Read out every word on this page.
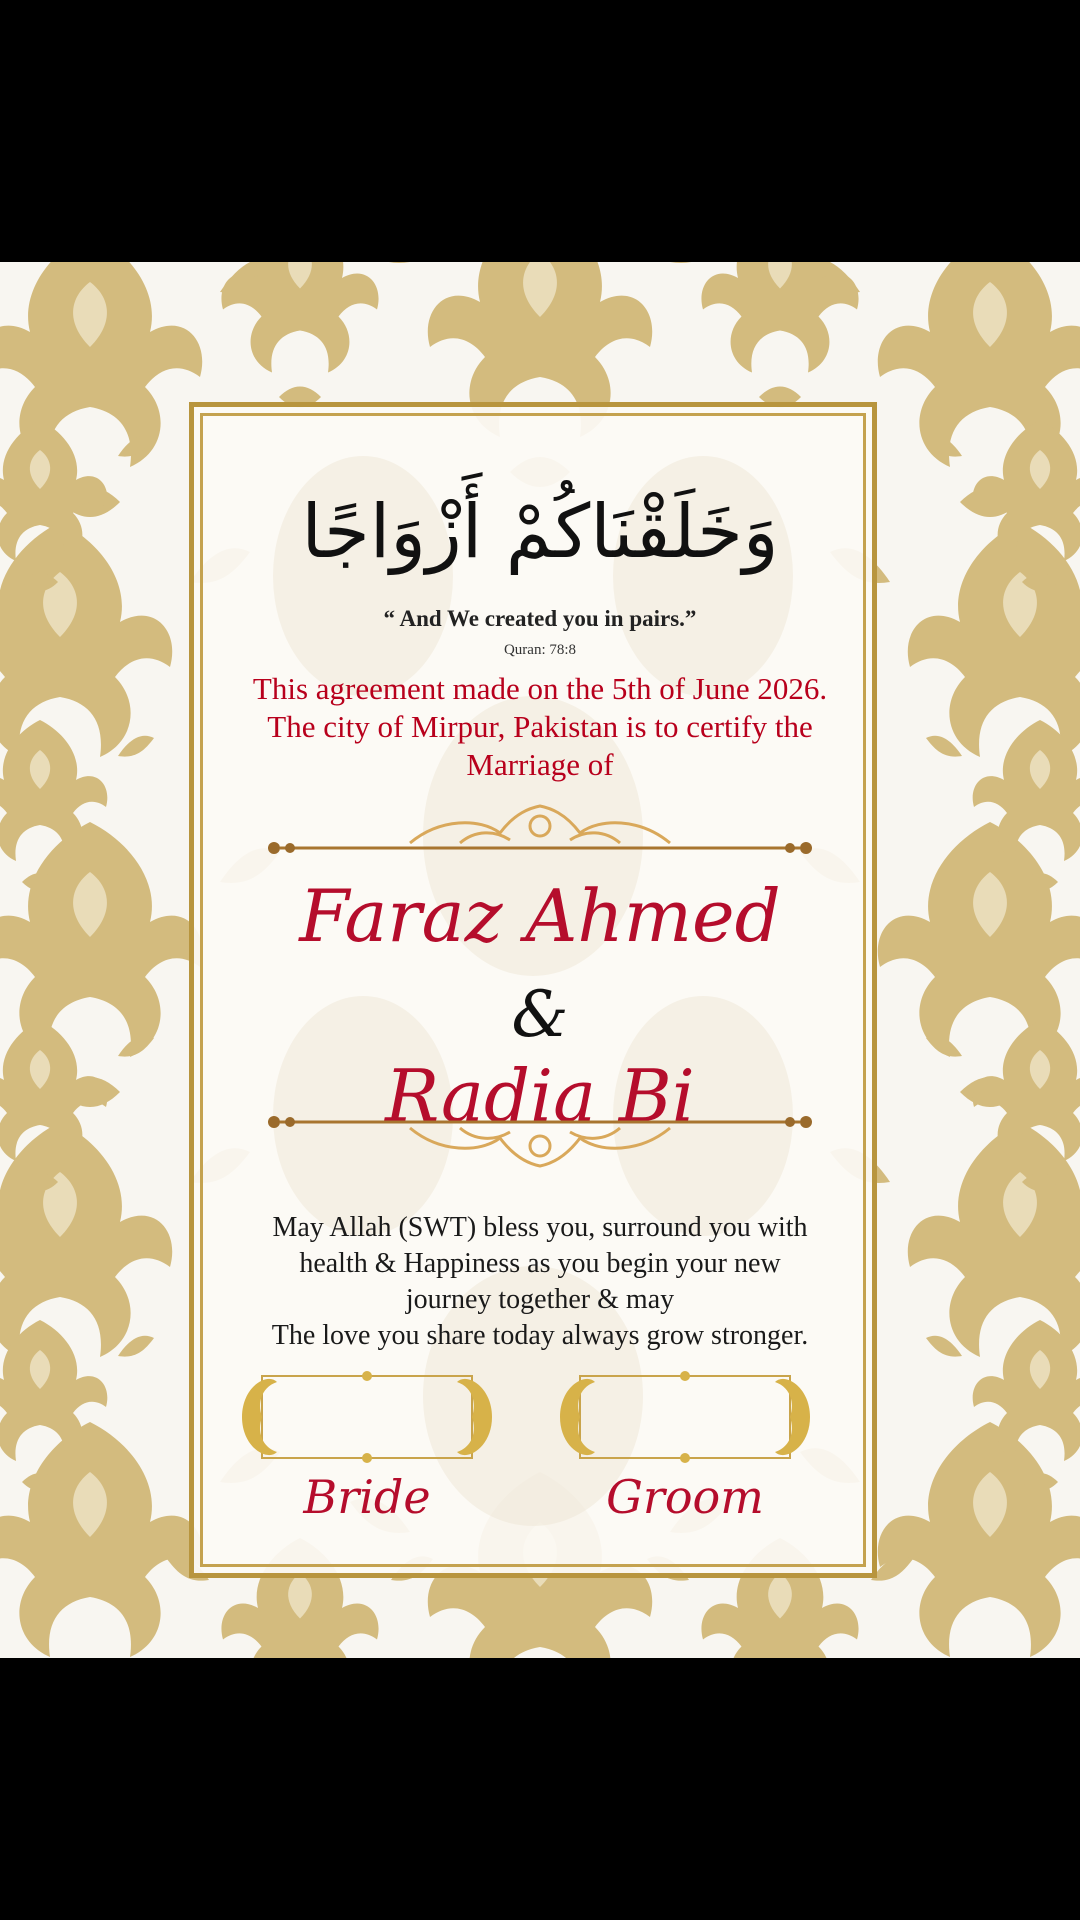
وَخَلَقْنَاكُمْ أَزْوَاجًا
“ And We created you in pairs.”
Quran: 78:8
This agreement made on the 5th of June 2026.
The city of Mirpur, Pakistan is to certify the
Marriage of
Faraz Ahmed
&
Radia Bi
May Allah (SWT) bless you, surround you with
health & Happiness as you begin your new
journey together & may
The love you share today always grow stronger.
Bride	Groom
